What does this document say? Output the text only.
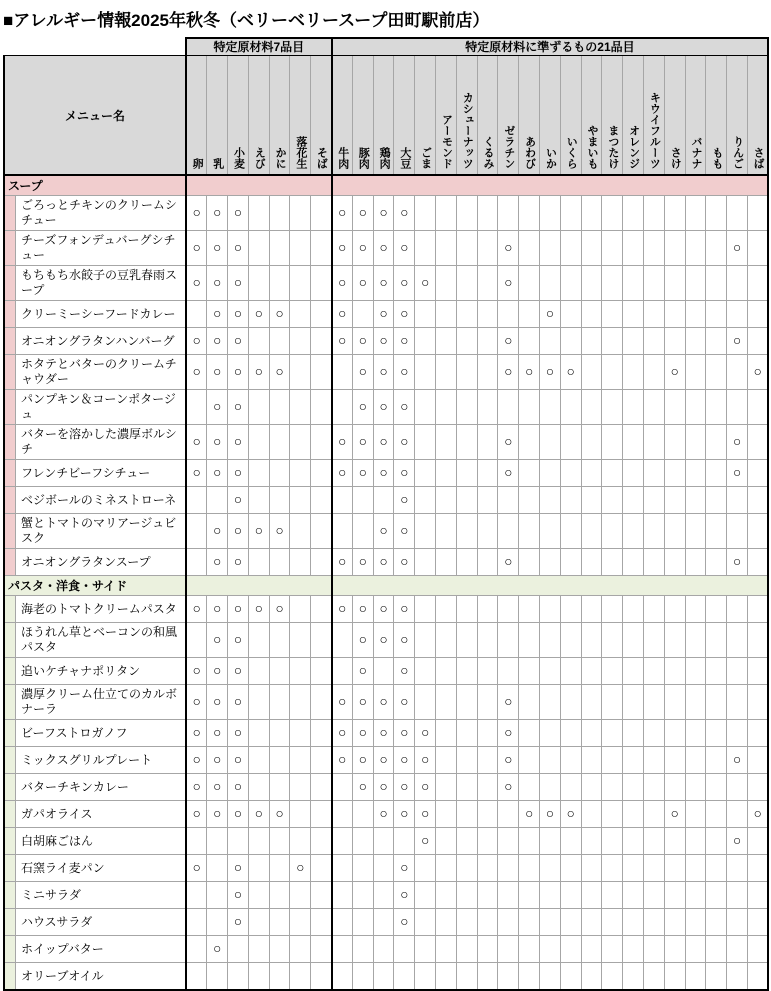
■アレルギー情報2025年秋冬（ベリーベリースープ田町駅前店）
	特定原材料7品目							特定原材料に準ずるもの21品目																				
メニュー名	卵	乳	小麦	えび	かに	落花生	そば	牛肉	豚肉	鶏肉	大豆	ごま	アーモンド	カシューナッツ	くるみ	ゼラチン	あわび	いか	いくら	やまいも	まつたけ	オレンジ	キウイフルーツ	さけ	バナナ	もも	りんご	さば
スープ																												

ごろっとチキンのクリームシチュー	○	○	○					○	○	○	○																	

チーズフォンデュバーグシチュー	○	○	○					○	○	○	○					○											○	

もちもち水餃子の豆乳春雨スープ	○	○	○					○	○	○	○	○				○												

クリーミーシーフードカレー		○	○	○	○			○		○	○							○										

オニオングラタンハンバーグ	○	○	○					○	○	○	○					○											○	

ホタテとバターのクリームチャウダー	○	○	○	○	○				○	○	○					○	○	○	○					○				○

パンプキン＆コーンポタージュ		○	○						○	○	○																	

バターを溶かした濃厚ボルシチ	○	○	○					○	○	○	○					○											○	

フレンチビーフシチュー	○	○	○					○	○	○	○					○											○	

ベジボールのミネストローネ			○								○																	

蟹とトマトのマリアージュビスク		○	○	○	○					○	○																	

オニオングラタンスープ		○	○					○	○	○	○					○											○	
パスタ・洋食・サイド																												

海老のトマトクリームパスタ	○	○	○	○	○			○	○	○	○																	

ほうれん草とベーコンの和風パスタ		○	○						○	○	○																	

追いケチャナポリタン	○	○	○						○		○																	

濃厚クリーム仕立てのカルボナーラ	○	○	○					○	○	○	○					○												

ビーフストロガノフ	○	○	○					○	○	○	○	○				○												

ミックスグリルプレート	○	○	○					○	○	○	○	○				○											○	

バターチキンカレー	○	○	○						○	○	○	○				○												

ガパオライス	○	○	○	○	○					○	○	○					○	○	○					○				○

白胡麻ごはん												○															○	

石窯ライ麦パン	○		○			○					○																	

ミニサラダ			○								○																	

ハウスサラダ			○								○																	

ホイップバター		○																										

オリーブオイル																												
